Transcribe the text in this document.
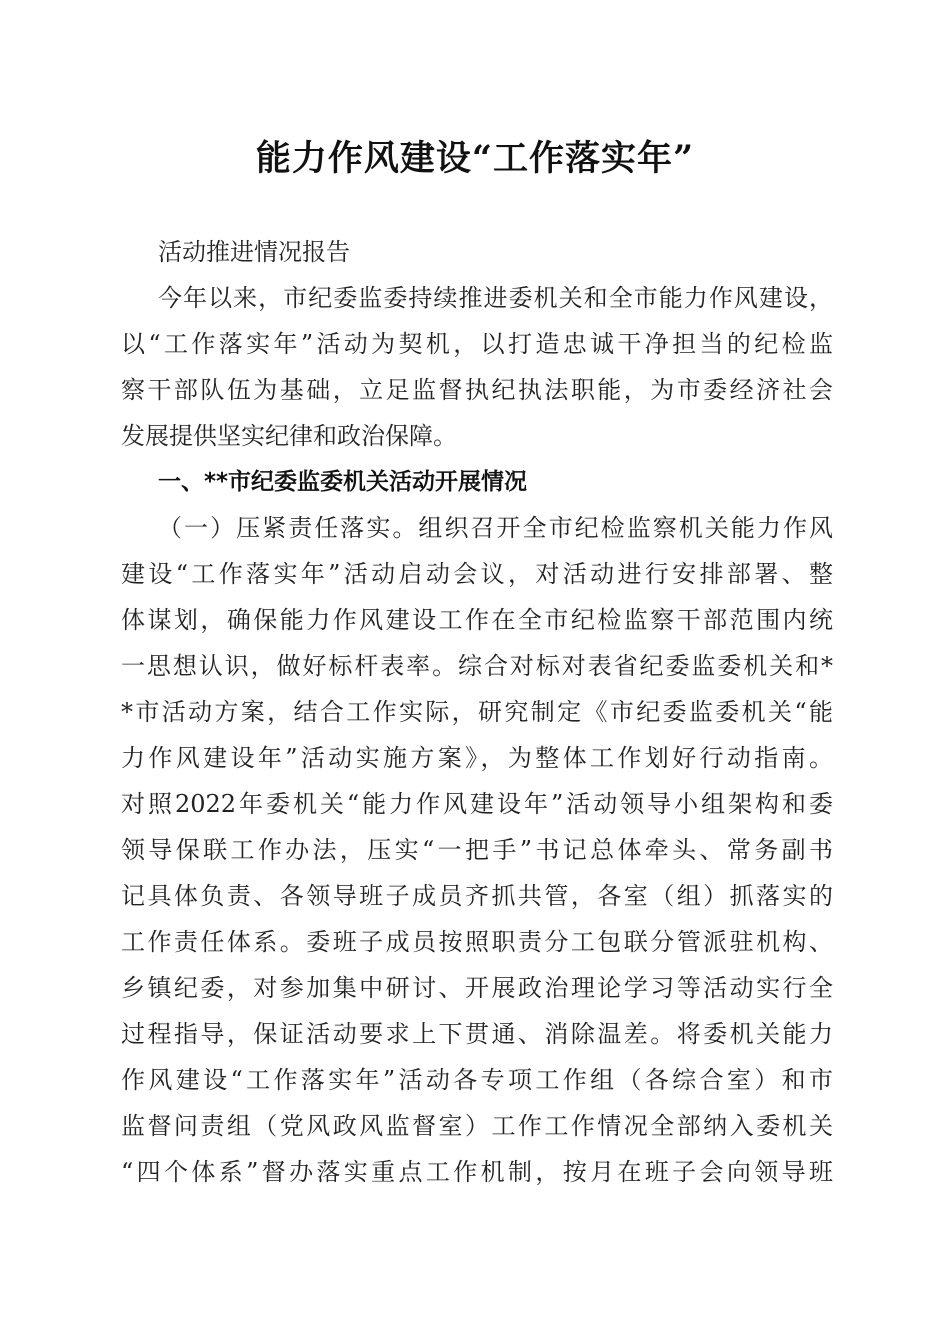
能力作风建设“工作落实年”
活动推进情况报告
今年以来，市纪委监委持续推进委机关和全市能力作风建设，
以“工作落实年”活动为契机，以打造忠诚干净担当的纪检监
察干部队伍为基础，立足监督执纪执法职能，为市委经济社会
发展提供坚实纪律和政治保障。
一、**市纪委监委机关活动开展情况
（一）压紧责任落实。组织召开全市纪检监察机关能力作风
建设“工作落实年”活动启动会议，对活动进行安排部署、整
体谋划，确保能力作风建设工作在全市纪检监察干部范围内统
一思想认识，做好标杆表率。综合对标对表省纪委监委机关和*
*市活动方案，结合工作实际，研究制定《市纪委监委机关“能
力作风建设年”活动实施方案》，为整体工作划好行动指南。
对照2022年委机关“能力作风建设年”活动领导小组架构和委
领导保联工作办法，压实“一把手”书记总体牵头、常务副书
记具体负责、各领导班子成员齐抓共管，各室（组）抓落实的
工作责任体系。委班子成员按照职责分工包联分管派驻机构、
乡镇纪委，对参加集中研讨、开展政治理论学习等活动实行全
过程指导，保证活动要求上下贯通、消除温差。将委机关能力
作风建设“工作落实年”活动各专项工作组（各综合室）和市
监督问责组（党风政风监督室）工作工作情况全部纳入委机关
“四个体系”督办落实重点工作机制，按月在班子会向领导班
